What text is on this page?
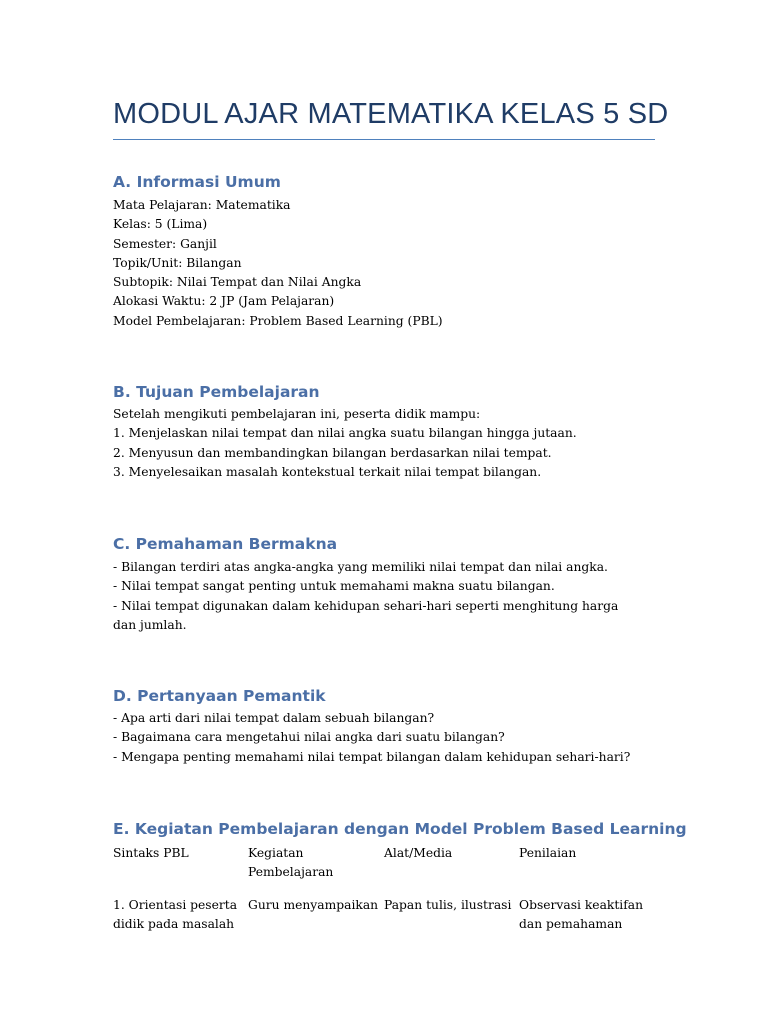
MODUL AJAR MATEMATIKA KELAS 5 SD
A. Informasi Umum
Mata Pelajaran: Matematika
Kelas: 5 (Lima)
Semester: Ganjil
Topik/Unit: Bilangan
Subtopik: Nilai Tempat dan Nilai Angka
Alokasi Waktu: 2 JP (Jam Pelajaran)
Model Pembelajaran: Problem Based Learning (PBL)
B. Tujuan Pembelajaran
Setelah mengikuti pembelajaran ini, peserta didik mampu:
1. Menjelaskan nilai tempat dan nilai angka suatu bilangan hingga jutaan.
2. Menyusun dan membandingkan bilangan berdasarkan nilai tempat.
3. Menyelesaikan masalah kontekstual terkait nilai tempat bilangan.
C. Pemahaman Bermakna
- Bilangan terdiri atas angka-angka yang memiliki nilai tempat dan nilai angka.
- Nilai tempat sangat penting untuk memahami makna suatu bilangan.
- Nilai tempat digunakan dalam kehidupan sehari-hari seperti menghitung harga dan jumlah.
D. Pertanyaan Pemantik
- Apa arti dari nilai tempat dalam sebuah bilangan?
- Bagaimana cara mengetahui nilai angka dari suatu bilangan?
- Mengapa penting memahami nilai tempat bilangan dalam kehidupan sehari-hari?
E. Kegiatan Pembelajaran dengan Model Problem Based Learning
Sintaks PBL	Kegiatan Pembelajaran	Alat/Media	Penilaian
1. Orientasi peserta didik pada masalah	Guru menyampaikan	Papan tulis, ilustrasi	Observasi keaktifan dan pemahaman
